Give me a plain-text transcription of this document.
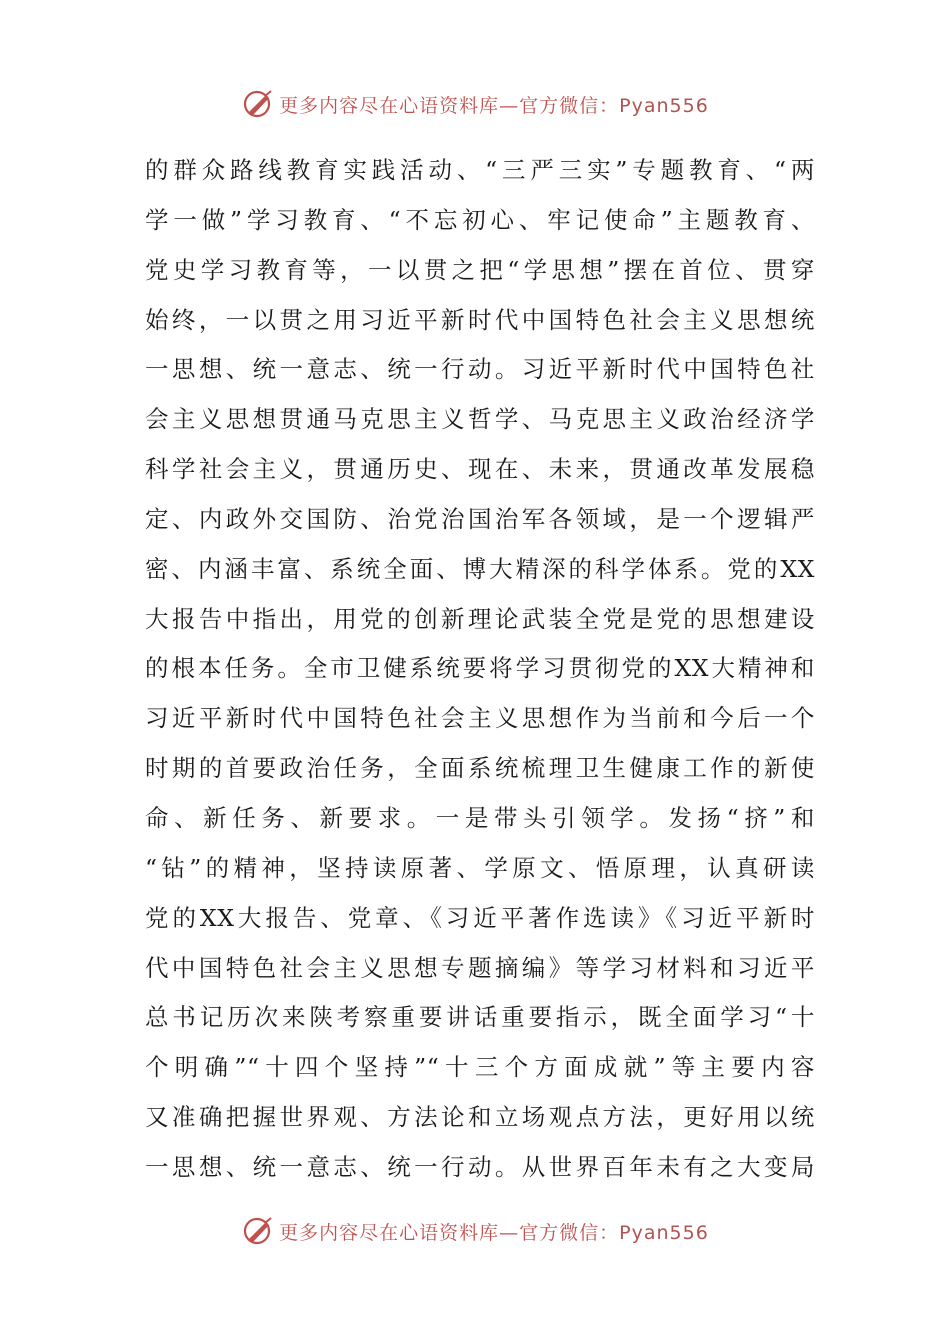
更多内容尽在心语资料库—官方微信：Pyan556
的群众路线教育实践活动、“三严三实”专题教育、“两
学一做”学习教育、“不忘初心、牢记使命”主题教育、
党史学习教育等，一以贯之把“学思想”摆在首位、贯穿
始终，一以贯之用习近平新时代中国特色社会主义思想统
一思想、统一意志、统一行动。习近平新时代中国特色社
会主义思想贯通马克思主义哲学、马克思主义政治经济学
科学社会主义，贯通历史、现在、未来，贯通改革发展稳
定、内政外交国防、治党治国治军各领域，是一个逻辑严
密、内涵丰富、系统全面、博大精深的科学体系。党的XX
大报告中指出，用党的创新理论武装全党是党的思想建设
的根本任务。全市卫健系统要将学习贯彻党的XX大精神和
习近平新时代中国特色社会主义思想作为当前和今后一个
时期的首要政治任务，全面系统梳理卫生健康工作的新使
命、新任务、新要求。一是带头引领学。发扬“挤”和
“钻”的精神，坚持读原著、学原文、悟原理，认真研读
党的XX大报告、党章、《习近平著作选读》《习近平新时
代中国特色社会主义思想专题摘编》等学习材料和习近平
总书记历次来陕考察重要讲话重要指示，既全面学习“十
个明确”“十四个坚持”“十三个方面成就”等主要内容
又准确把握世界观、方法论和立场观点方法，更好用以统
一思想、统一意志、统一行动。从世界百年未有之大变局
更多内容尽在心语资料库—官方微信：Pyan556
